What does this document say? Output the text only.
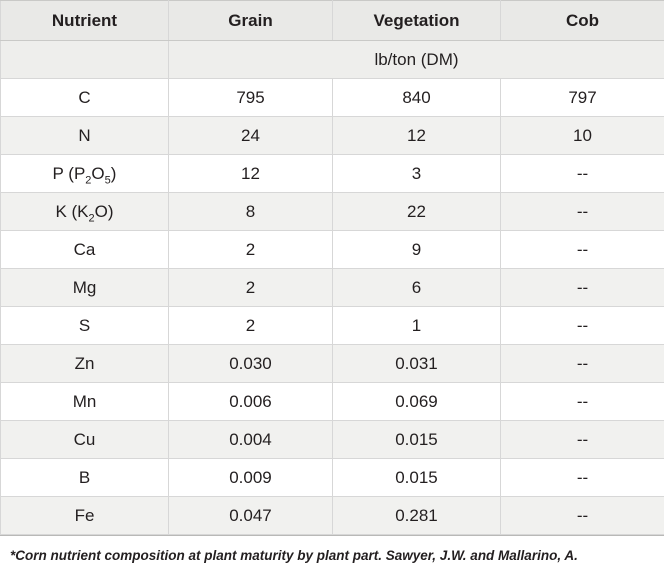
Nutrient	Grain	Vegetation	Cob
	lb/ton (DM)		
C	795	840	797
N	24	12	10
P $(P_2O_5)$	12	3	--
K $(K_2O)$	8	22	--
Ca	2	9	--
Mg	2	6	--
S	2	1	--
Zn	0.030	0.031	--
Mn	0.006	0.069	--
Cu	0.004	0.015	--
B	0.009	0.015	--
Fe	0.047	0.281	--
*Corn nutrient composition at plant maturity by plant part. Sawyer, J.W. and Mallarino, A.
